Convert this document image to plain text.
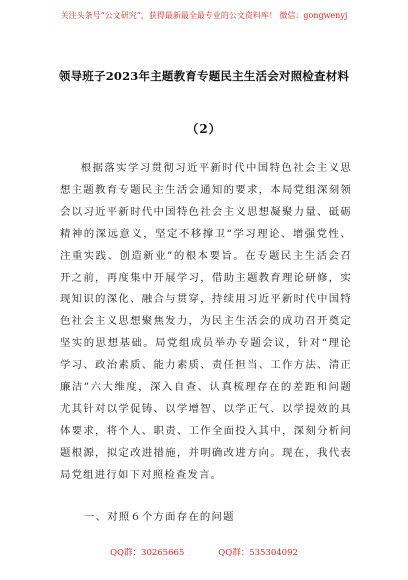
关注头条号“公文研究”，获得最新最全最专业的公文资料库！ 微信：gongwenyj
领导班子2023年主题教育专题民主生活会对照检查材料
（2）

根据落实学习贯彻习近平新时代中国特色社会主义思想主题教育专题民主生活会通知的要求，本局党组深刻领会以习近平新时代中国特色社会主义思想凝聚力量、砥砺精神的深远意义，坚定不移撑卫“学习理论、增强党性、注重实践、创造新业”的根本要旨。在专题民主生活会召开之前，再度集中开展学习，借助主题教育理论研修，实现知识的深化、融合与贯穿，持续用习近平新时代中国特色社会主义思想聚焦发力，为民主生活会的成功召开奠定坚实的思想基础。局党组成员举办专题会议，针对“理论学习、政治素质、能力素质、责任担当、工作方法、清正廉洁”六大维度，深入自查、认真梳理存在的差距和问题尤其针对以学促铸、以学增智、以学正气、以学提效的具体要求，将个人、职责、工作全面投入其中，深刻分析问题根源，拟定改进措施，并明确改进方向。现在，我代表局党组进行如下对照检查发言。

一、对照６个方面存在的问题
QQ群：30265665	QQ群：535304092
